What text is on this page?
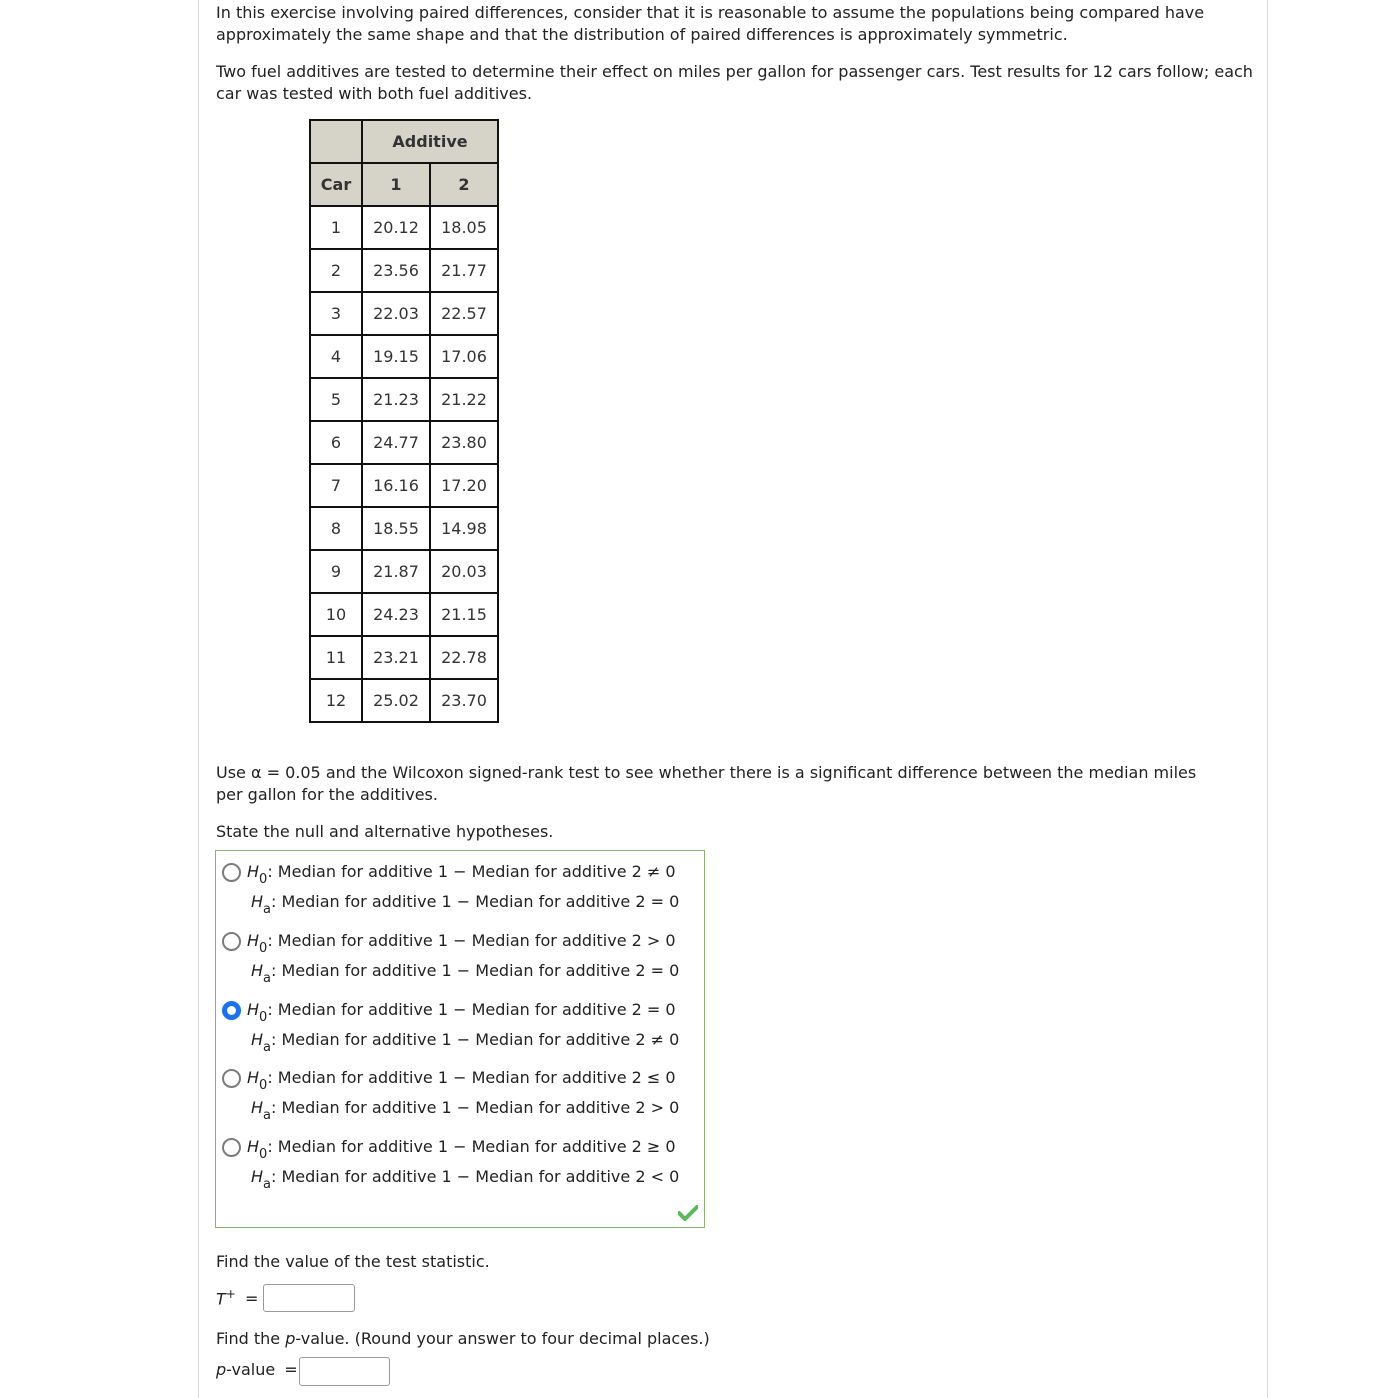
In this exercise involving paired differences, consider that it is reasonable to assume the populations being compared have approximately the same shape and that the distribution of paired differences is approximately symmetric.

Two fuel additives are tested to determine their effect on miles per gallon for passenger cars. Test results for 12 cars follow; each car was tested with both fuel additives.

	Additive	
Car	1	2
1	20.12	18.05
2	23.56	21.77
3	22.03	22.57
4	19.15	17.06
5	21.23	21.22
6	24.77	23.80
7	16.16	17.20
8	18.55	14.98
9	21.87	20.03
10	24.23	21.15
11	23.21	22.78
12	25.02	23.70

Use α = 0.05 and the Wilcoxon signed-rank test to see whether there is a significant difference between the median miles per gallon for the additives.

State the null and alternative hypotheses.

$H_0$: Median for additive 1 − Median for additive 2 ≠ 0
$H_a$: Median for additive 1 − Median for additive 2 = 0
$H_0$: Median for additive 1 − Median for additive 2 > 0
$H_a$: Median for additive 1 − Median for additive 2 = 0
$H_0$: Median for additive 1 − Median for additive 2 = 0
$H_a$: Median for additive 1 − Median for additive 2 ≠ 0
$H_0$: Median for additive 1 − Median for additive 2 ≤ 0
$H_a$: Median for additive 1 − Median for additive 2 > 0
$H_0$: Median for additive 1 − Median for additive 2 ≥ 0
$H_a$: Median for additive 1 − Median for additive 2 < 0
Find the value of the test statistic.
T+ =
Find the p-value. (Round your answer to four decimal places.)
p-value =
